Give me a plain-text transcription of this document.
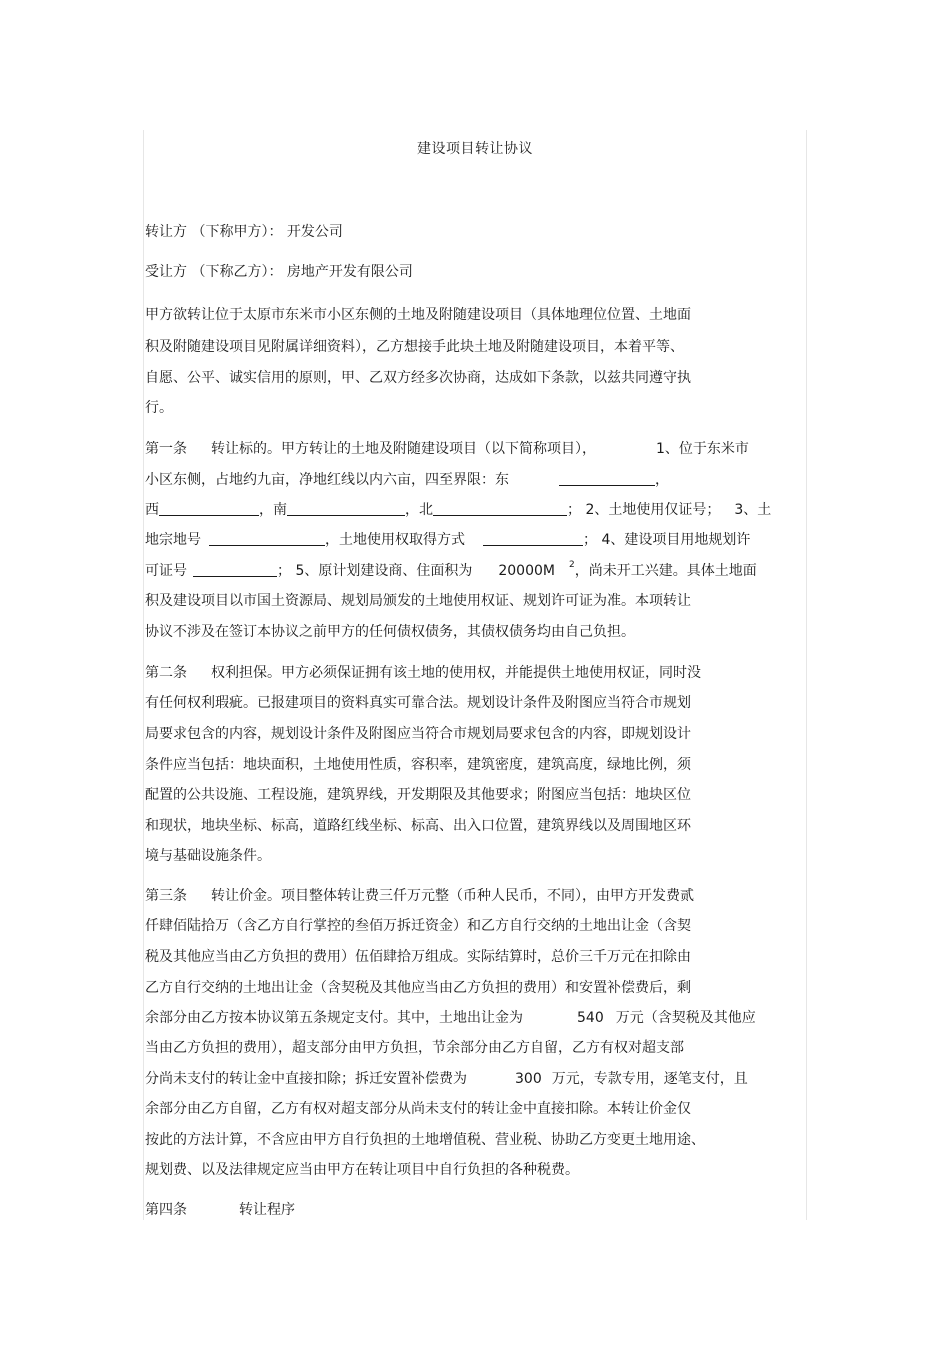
建设项目转让协议
转让方 （下称甲方）： 开发公司
受让方 （下称乙方）： 房地产开发有限公司
甲方欲转让位于太原市东米市小区东侧的土地及附随建设项目（具体地理位位置、土地面
积及附随建设项目见附属详细资料），乙方想接手此块土地及附随建设项目，本着平等、
自愿、公平、诚实信用的原则，甲、乙双方经多次协商，达成如下条款，以兹共同遵守执
行。
第一条 转让标的。甲方转让的土地及附随建设项目（以下简称项目），	1、位于东米市
小区东侧，占地约九亩，净地红线以内六亩，四至界限：东	，
西	，南	，北	； 2、土地使用仅证号； 3、土
地宗地号	，土地使用权取得方式	； 4、建设项目用地规划许
可证号	； 5、原计划建设商、住面积为 20000M $^2$，尚未开工兴建。具体土地面
积及建设项目以市国土资源局、规划局颁发的土地使用权证、规划许可证为准。本项转让
协议不涉及在签订本协议之前甲方的任何债权债务，其债权债务均由自己负担。
第二条 权利担保。甲方必须保证拥有该土地的使用权，并能提供土地使用权证，同时没
有任何权利瑕疵。已报建项目的资料真实可靠合法。规划设计条件及附图应当符合市规划
局要求包含的内容，规划设计条件及附图应当符合市规划局要求包含的内容，即规划设计
条件应当包括：地块面积，土地使用性质，容积率，建筑密度，建筑高度，绿地比例，须
配置的公共设施、工程设施，建筑界线，开发期限及其他要求；附图应当包括：地块区位
和现状，地块坐标、标高，道路红线坐标、标高、出入口位置，建筑界线以及周围地区环
境与基础设施条件。
第三条 转让价金。项目整体转让费三仟万元整（币种人民币，不同），由甲方开发费贰
仟肆佰陆拾万（含乙方自行掌控的叁佰万拆迁资金）和乙方自行交纳的土地出让金（含契
税及其他应当由乙方负担的费用）伍佰肆拾万组成。实际结算时，总价三千万元在扣除由
乙方自行交纳的土地出让金（含契税及其他应当由乙方负担的费用）和安置补偿费后，剩
余部分由乙方按本协议第五条规定支付。其中，土地出让金为	540 万元（含契税及其他应
当由乙方负担的费用），超支部分由甲方负担，节余部分由乙方自留，乙方有权对超支部
分尚未支付的转让金中直接扣除；拆迁安置补偿费为	300 万元，专款专用，逐笔支付，且
余部分由乙方自留，乙方有权对超支部分从尚未支付的转让金中直接扣除。本转让价金仅
按此的方法计算，不含应由甲方自行负担的土地增值税、营业税、协助乙方变更土地用途、
规划费、以及法律规定应当由甲方在转让项目中自行负担的各种税费。
第四条	转让程序
